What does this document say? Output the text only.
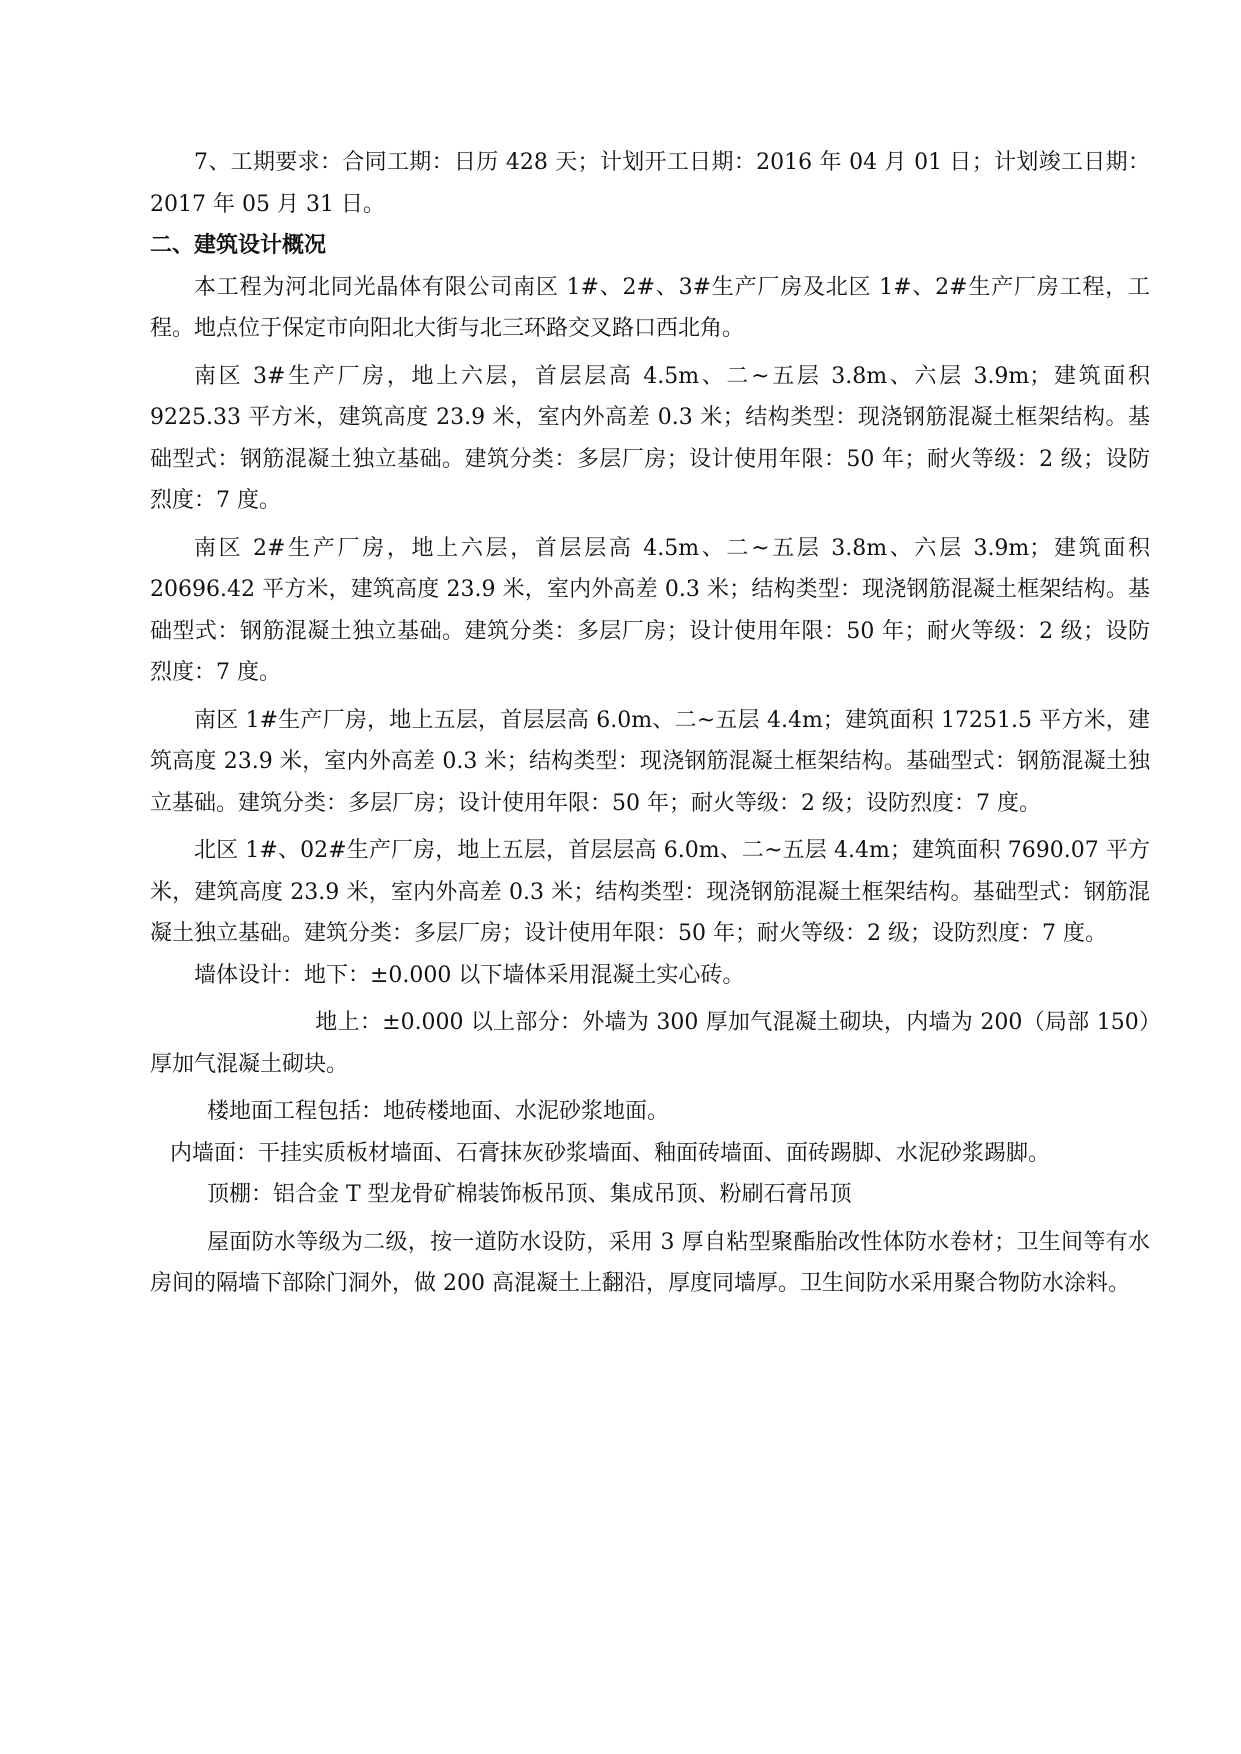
7、工期要求：合同工期：日历 428 天；计划开工日期：2016 年 04 月 01 日；计划竣工日期：2017 年 05 月 31 日。

二、建筑设计概况

本工程为河北同光晶体有限公司南区 1#、2#、3#生产厂房及北区 1#、2#生产厂房工程，工程。地点位于保定市向阳北大街与北三环路交叉路口西北角。

南区 3#生产厂房，地上六层，首层层高 4.5m、二~五层 3.8m、六层 3.9m；建筑面积 9225.33 平方米，建筑高度 23.9 米，室内外高差 0.3 米；结构类型：现浇钢筋混凝土框架结构。基础型式：钢筋混凝土独立基础。建筑分类：多层厂房；设计使用年限：50 年；耐火等级：2 级；设防烈度：7 度。

南区 2#生产厂房，地上六层，首层层高 4.5m、二~五层 3.8m、六层 3.9m；建筑面积 20696.42 平方米，建筑高度 23.9 米，室内外高差 0.3 米；结构类型：现浇钢筋混凝土框架结构。基础型式：钢筋混凝土独立基础。建筑分类：多层厂房；设计使用年限：50 年；耐火等级：2 级；设防烈度：7 度。

南区 1#生产厂房，地上五层，首层层高 6.0m、二~五层 4.4m；建筑面积 17251.5 平方米，建筑高度 23.9 米，室内外高差 0.3 米；结构类型：现浇钢筋混凝土框架结构。基础型式：钢筋混凝土独立基础。建筑分类：多层厂房；设计使用年限：50 年；耐火等级：2 级；设防烈度：7 度。

北区 1#、02#生产厂房，地上五层，首层层高 6.0m、二~五层 4.4m；建筑面积 7690.07 平方米，建筑高度 23.9 米，室内外高差 0.3 米；结构类型：现浇钢筋混凝土框架结构。基础型式：钢筋混凝土独立基础。建筑分类：多层厂房；设计使用年限：50 年；耐火等级：2 级；设防烈度：7 度。

墙体设计：地下：±0.000 以下墙体采用混凝土实心砖。

地上：±0.000 以上部分：外墙为 300 厚加气混凝土砌块，内墙为 200（局部 150）厚加气混凝土砌块。

楼地面工程包括：地砖楼地面、水泥砂浆地面。

内墙面：干挂实质板材墙面、石膏抹灰砂浆墙面、釉面砖墙面、面砖踢脚、水泥砂浆踢脚。

顶棚：铝合金 T 型龙骨矿棉装饰板吊顶、集成吊顶、粉刷石膏吊顶

屋面防水等级为二级，按一道防水设防，采用 3 厚自粘型聚酯胎改性体防水卷材；卫生间等有水房间的隔墙下部除门洞外，做 200 高混凝土上翻沿，厚度同墙厚。卫生间防水采用聚合物防水涂料。
